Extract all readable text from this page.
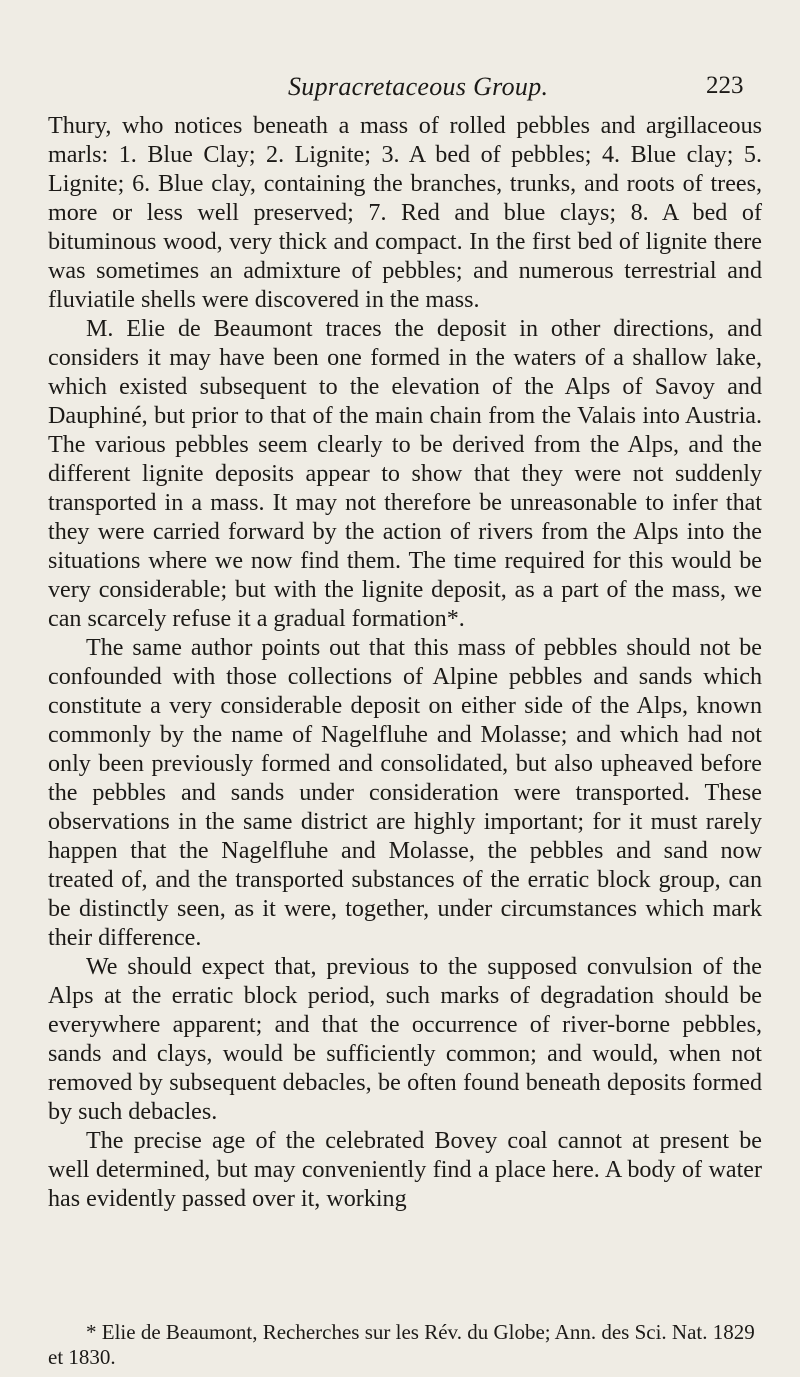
Supracretaceous Group.	223

Thury, who notices beneath a mass of rolled pebbles and argillaceous marls: 1. Blue Clay; 2. Lignite; 3. A bed of pebbles; 4. Blue clay; 5. Lignite; 6. Blue clay, containing the branches, trunks, and roots of trees, more or less well preserved; 7. Red and blue clays; 8. A bed of bituminous wood, very thick and compact. In the first bed of lignite there was sometimes an admixture of pebbles; and numerous terrestrial and fluviatile shells were discovered in the mass.

M. Elie de Beaumont traces the deposit in other directions, and considers it may have been one formed in the waters of a shallow lake, which existed subsequent to the elevation of the Alps of Savoy and Dauphiné, but prior to that of the main chain from the Valais into Austria. The various pebbles seem clearly to be derived from the Alps, and the different lignite deposits appear to show that they were not suddenly transported in a mass. It may not therefore be unreasonable to infer that they were carried forward by the action of rivers from the Alps into the situations where we now find them. The time required for this would be very considerable; but with the lignite deposit, as a part of the mass, we can scarcely refuse it a gradual formation*.

The same author points out that this mass of pebbles should not be confounded with those collections of Alpine pebbles and sands which constitute a very considerable deposit on either side of the Alps, known commonly by the name of Nagelfluhe and Molasse; and which had not only been previously formed and consolidated, but also upheaved before the pebbles and sands under consideration were transported. These observations in the same district are highly important; for it must rarely happen that the Nagelfluhe and Molasse, the pebbles and sand now treated of, and the transported substances of the erratic block group, can be distinctly seen, as it were, together, under circumstances which mark their difference.

We should expect that, previous to the supposed convulsion of the Alps at the erratic block period, such marks of degradation should be everywhere apparent; and that the occurrence of river-borne pebbles, sands and clays, would be sufficiently common; and would, when not removed by subsequent debacles, be often found beneath deposits formed by such debacles.

The precise age of the celebrated Bovey coal cannot at present be well determined, but may conveniently find a place here. A body of water has evidently passed over it, working

* Elie de Beaumont, Recherches sur les Rév. du Globe; Ann. des Sci. Nat. 1829 et 1830.
